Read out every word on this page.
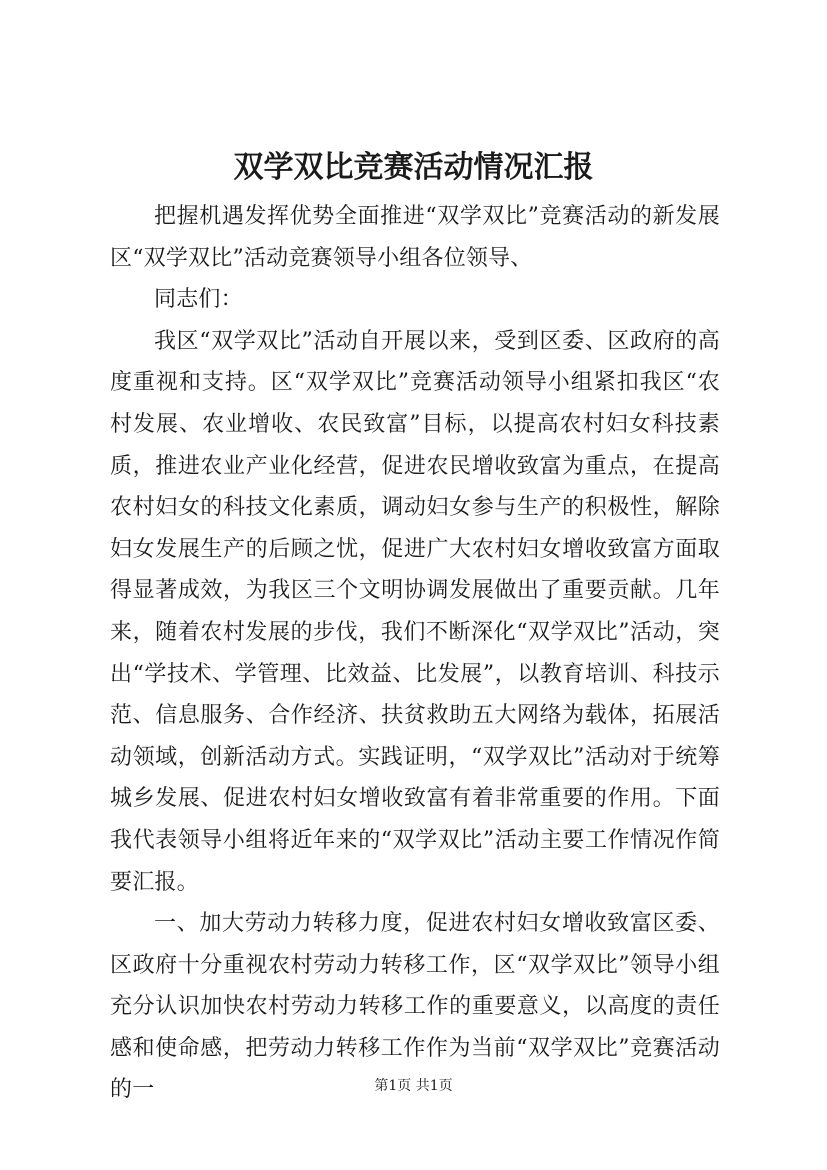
双学双比竞赛活动情况汇报

把握机遇发挥优势全面推进“双学双比”竞赛活动的新发展区“双学双比”活动竞赛领导小组各位领导、

同志们：

我区“双学双比”活动自开展以来，受到区委、区政府的高度重视和支持。区“双学双比”竞赛活动领导小组紧扣我区“农村发展、农业增收、农民致富”目标，以提高农村妇女科技素质，推进农业产业化经营，促进农民增收致富为重点，在提高农村妇女的科技文化素质，调动妇女参与生产的积极性，解除妇女发展生产的后顾之忧，促进广大农村妇女增收致富方面取得显著成效，为我区三个文明协调发展做出了重要贡献。几年来，随着农村发展的步伐，我们不断深化“双学双比”活动，突出“学技术、学管理、比效益、比发展”，以教育培训、科技示范、信息服务、合作经济、扶贫救助五大网络为载体，拓展活动领域，创新活动方式。实践证明，“双学双比”活动对于统筹城乡发展、促进农村妇女增收致富有着非常重要的作用。下面我代表领导小组将近年来的“双学双比”活动主要工作情况作简要汇报。

一、加大劳动力转移力度，促进农村妇女增收致富区委、区政府十分重视农村劳动力转移工作，区“双学双比”领导小组充分认识加快农村劳动力转移工作的重要意义，以高度的责任感和使命感，把劳动力转移工作作为当前“双学双比”竞赛活动的一	第1页 共1页
